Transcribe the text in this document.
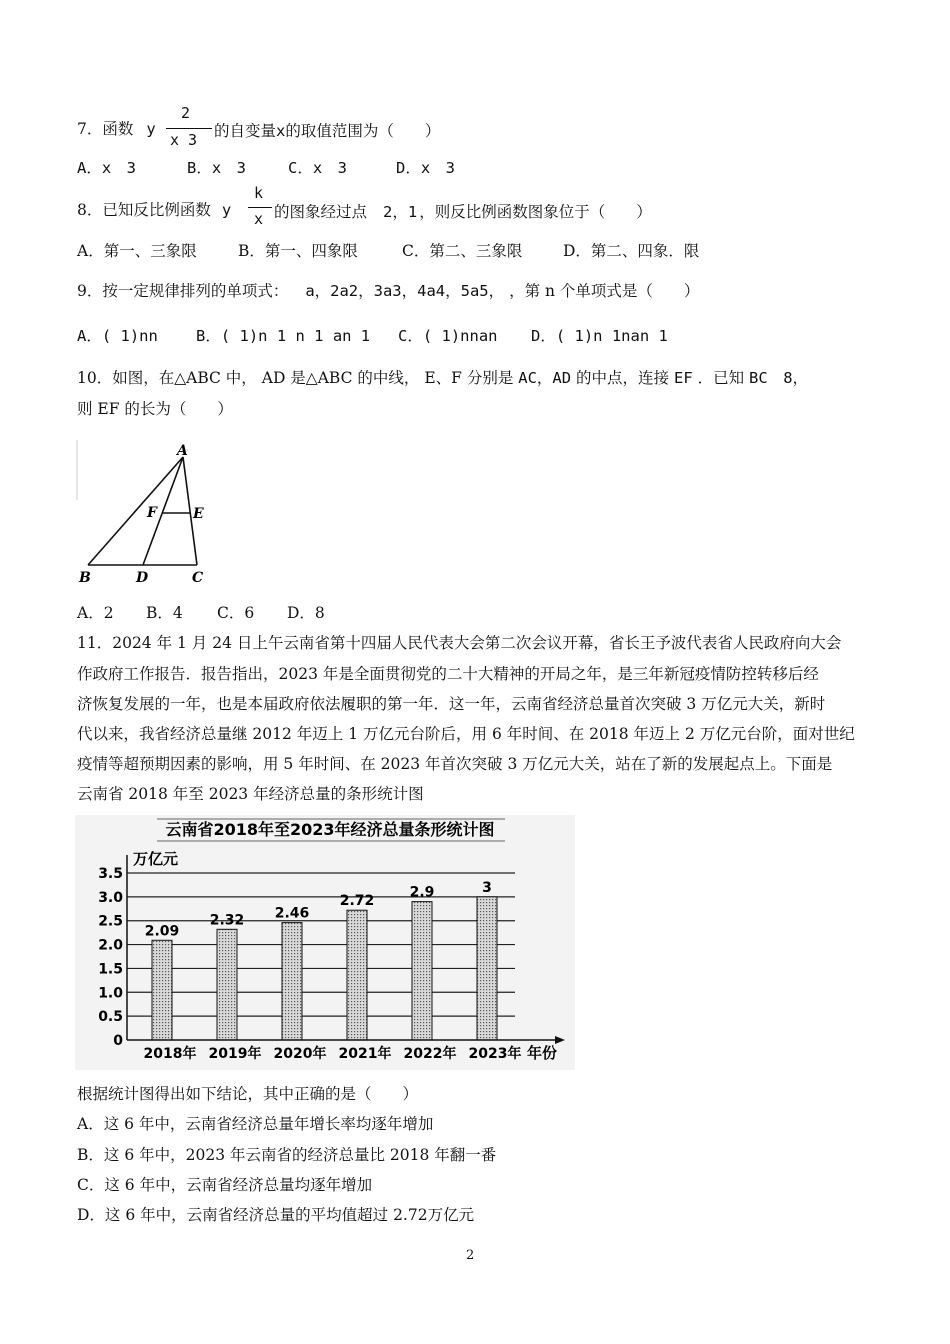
7．函数 y
2
x 3 的自变量x的取值范围为（　　）
A．x　3	B．x　3	C．x　3	D．x　3
8．已知反比例函数 y
k
x 的图象经过点 2，1 ，则反比例函数图象位于（　　）
A．第一、三象限	B．第一、四象限	C．第二、三象限	D．第二、四象．限
9．按一定规律排列的单项式： a，2a2，3a3，4a4，5a5， ，第 n 个单项式是（　　）
A．( 1)nn B．( 1)n 1 n 1 an 1 C．( 1)nnan D．( 1)n 1nan 1
10．如图，在△ABC 中， AD 是△ABC 的中线， E、F 分别是 AC，AD 的中点，连接 EF ．已知 BC　8，
则 EF 的长为（　　）
A
B	C
D
E
F
A．2 B．4 C．6 D．8
11．2024 年 1 月 24 日上午云南省第十四届人民代表大会第二次会议开幕，省长王予波代表省人民政府向大会
作政府工作报告．报告指出，2023 年是全面贯彻党的二十大精神的开局之年，是三年新冠疫情防控转移后经
济恢复发展的一年，也是本届政府依法履职的第一年．这一年，云南省经济总量首次突破 3 万亿元大关，新时
代以来，我省经济总量继 2012 年迈上 1 万亿元台阶后，用 6 年时间、在 2018 年迈上 2 万亿元台阶，面对世纪
疫情等超预期因素的影响，用 5 年时间、在 2023 年首次突破 3 万亿元大关，站在了新的发展起点上。下面是
云南省 2018 年至 2023 年经济总量的条形统计图
云南省2018年至2023年经济总量条形统计图
万亿元
年份
0
0.5
1.0
1.5
2.0
2.5
3.0
3.5
2.09
2018年
2.32
2019年
2.46
2020年
2.72
2021年
2.9
2022年
3
2023年
根据统计图得出如下结论，其中正确的是（　　）
A．这 6 年中，云南省经济总量年增长率均逐年增加
B．这 6 年中，2023 年云南省的经济总量比 2018 年翻一番
C．这 6 年中，云南省经济总量均逐年增加
D．这 6 年中，云南省经济总量的平均值超过 2.72万亿元
2
